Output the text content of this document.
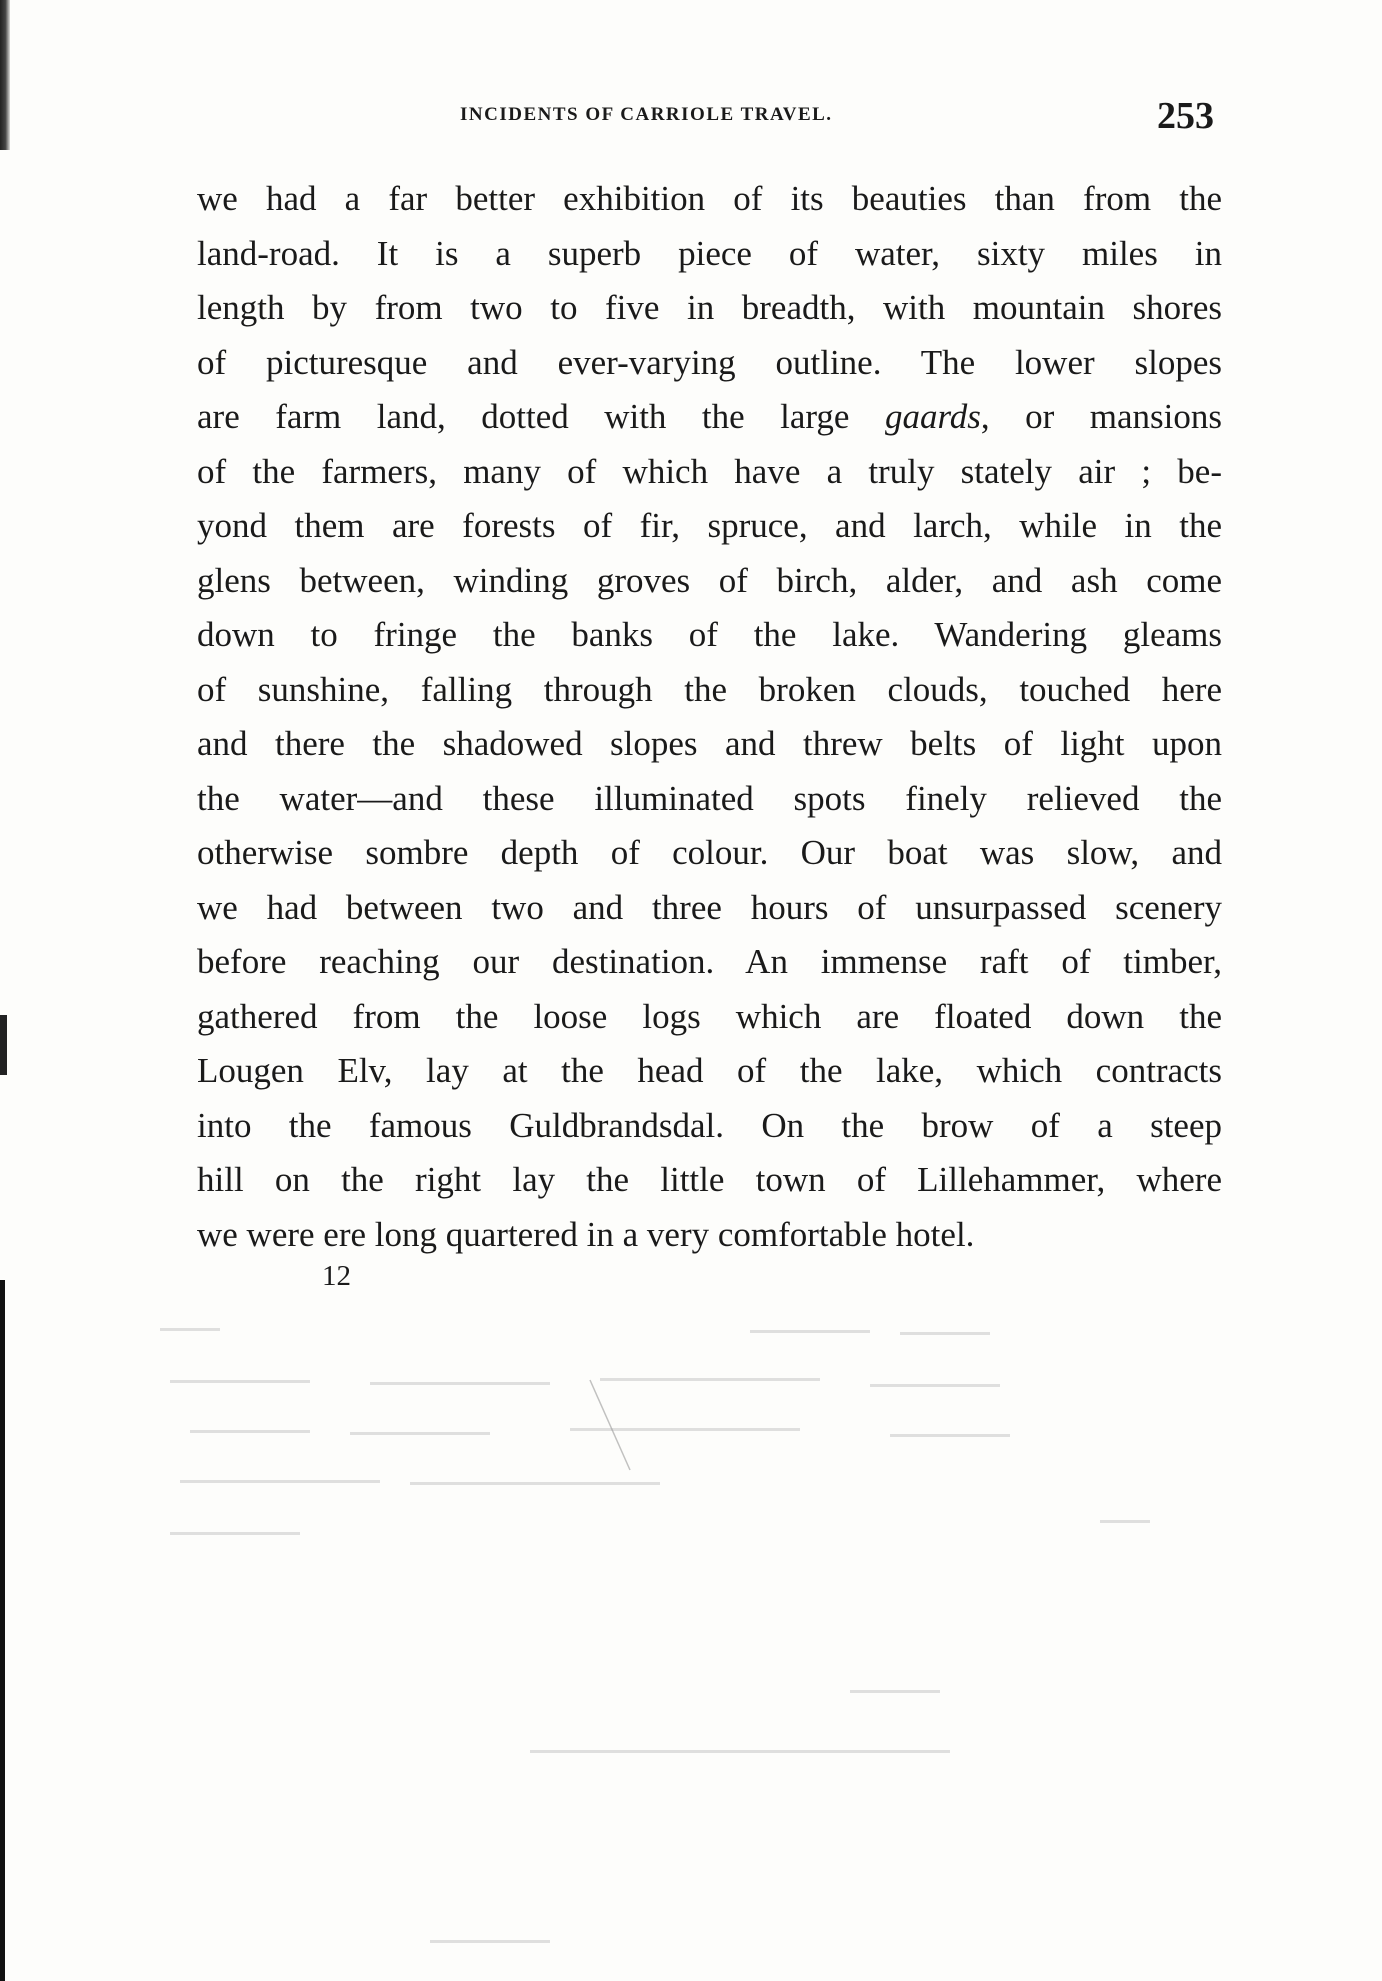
INCIDENTS OF CARRIOLE TRAVEL.	253
we had a far better exhibition of its beauties than from the
land-road. It is a superb piece of water, sixty miles in
length by from two to five in breadth, with mountain shores
of picturesque and ever-varying outline. The lower slopes
are farm land, dotted with the large gaards, or mansions
of the farmers, many of which have a truly stately air ; be-
yond them are forests of fir, spruce, and larch, while in the
glens between, winding groves of birch, alder, and ash come
down to fringe the banks of the lake. Wandering gleams
of sunshine, falling through the broken clouds, touched here
and there the shadowed slopes and threw belts of light upon
the water—and these illuminated spots finely relieved the
otherwise sombre depth of colour. Our boat was slow, and
we had between two and three hours of unsurpassed scenery
before reaching our destination. An immense raft of timber,
gathered from the loose logs which are floated down the
Lougen Elv, lay at the head of the lake, which contracts
into the famous Guldbrandsdal. On the brow of a steep
hill on the right lay the little town of Lillehammer, where
we were ere long quartered in a very comfortable hotel.
12
